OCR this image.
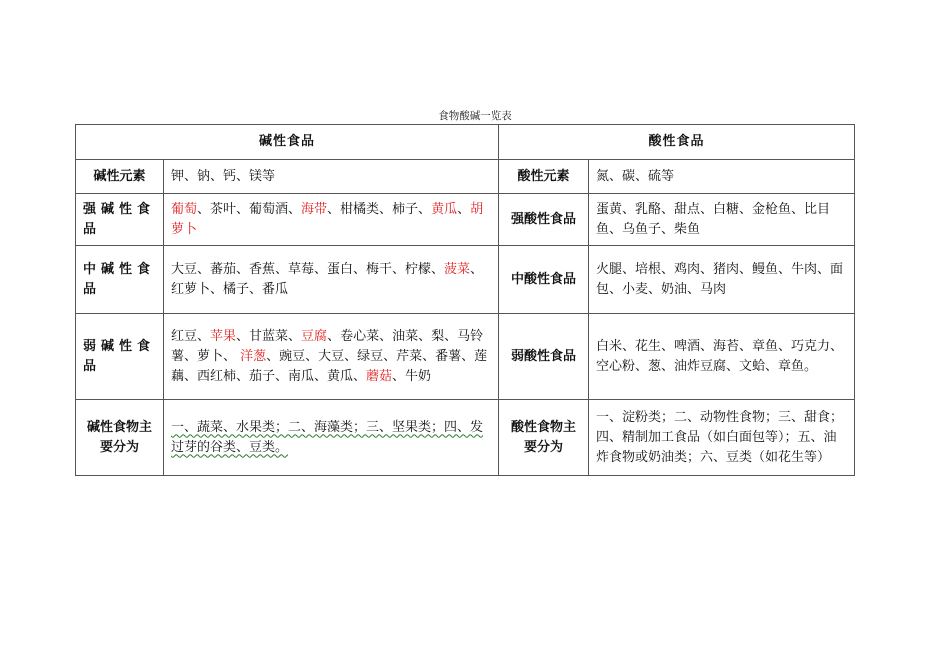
食物酸碱一览表
碱性食品		酸性食品	
碱性元素	钾、钠、钙、镁等	酸性元素	氮、碳、硫等
强碱性食品	葡萄、茶叶、葡萄酒、海带、柑橘类、柿子、黄瓜、胡萝卜	强酸性食品	蛋黄、乳酪、甜点、白糖、金枪鱼、比目鱼、乌鱼子、柴鱼
中碱性食品	大豆、蕃茄、香蕉、草莓、蛋白、梅干、柠檬、菠菜、红萝卜、橘子、番瓜	中酸性食品	火腿、培根、鸡肉、猪肉、鳗鱼、牛肉、面包、小麦、奶油、马肉
弱碱性食品	红豆、苹果、甘蓝菜、豆腐、卷心菜、油菜、梨、马铃薯、萝卜、 洋葱、豌豆、大豆、绿豆、芹菜、番薯、莲藕、西红柿、茄子、南瓜、黄瓜、蘑菇、牛奶	弱酸性食品	白米、花生、啤酒、海苔、章鱼、巧克力、空心粉、葱、油炸豆腐、文蛤、章鱼。
碱性食物主要分为	一、蔬菜、水果类；二、海藻类；三、坚果类；四、发过芽的谷类、豆类。	酸性食物主要分为	一、淀粉类；二、动物性食物；三、甜食；四、精制加工食品（如白面包等）；五、油炸食物或奶油类；六、豆类（如花生等）
